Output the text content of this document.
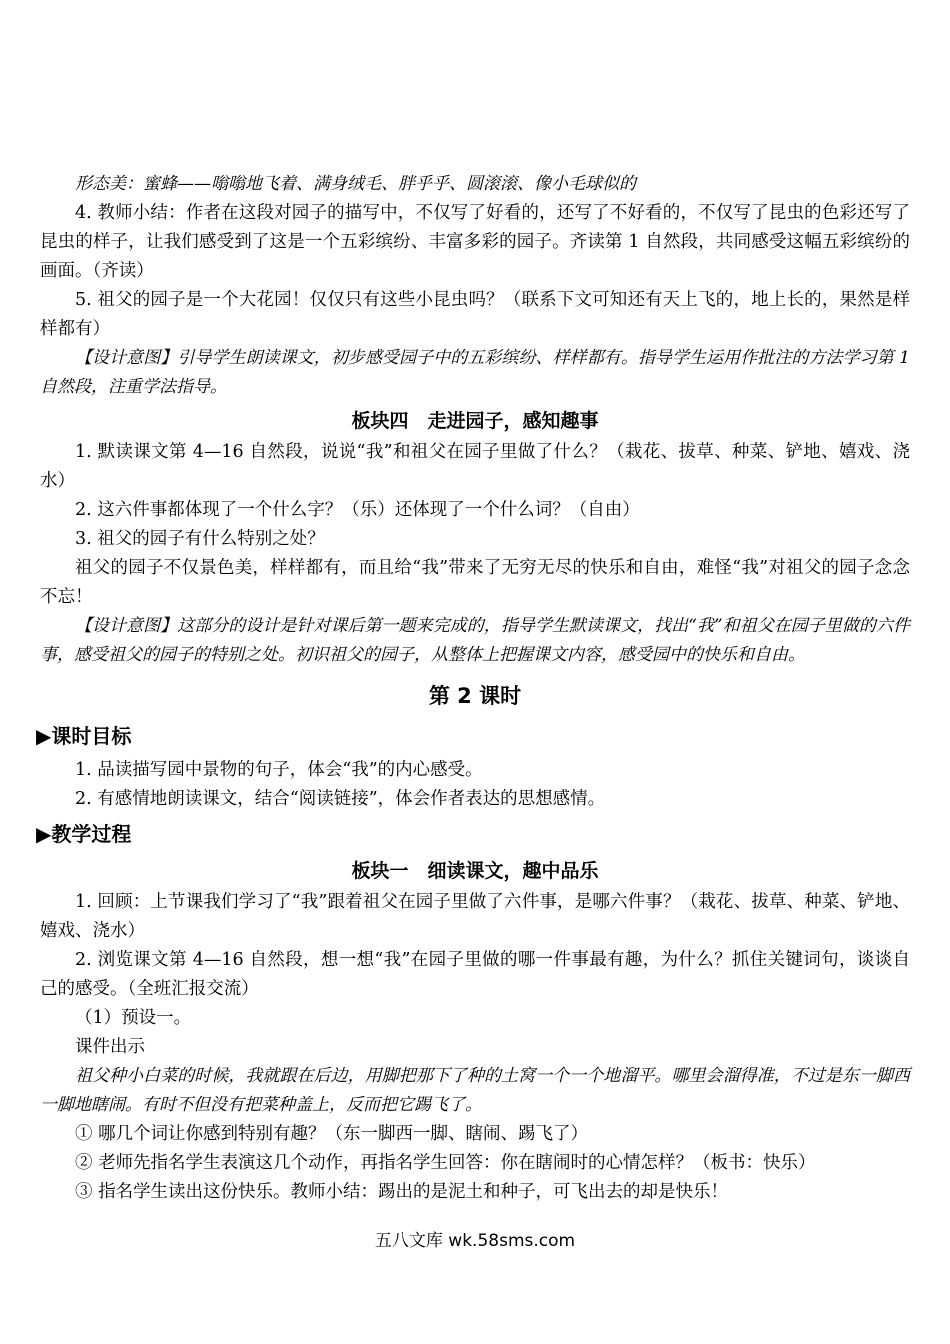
形态美：蜜蜂——嗡嗡地飞着、满身绒毛、胖乎乎、圆滚滚、像小毛球似的

4. 教师小结：作者在这段对园子的描写中，不仅写了好看的，还写了不好看的，不仅写了昆虫的色彩还写了昆虫的样子，让我们感受到了这是一个五彩缤纷、丰富多彩的园子。齐读第 1 自然段，共同感受这幅五彩缤纷的画面。（齐读）

5. 祖父的园子是一个大花园！仅仅只有这些小昆虫吗？（联系下文可知还有天上飞的，地上长的，果然是样样都有）

【设计意图】引导学生朗读课文，初步感受园子中的五彩缤纷、样样都有。指导学生运用作批注的方法学习第 1 自然段，注重学法指导。

板块四　走进园子，感知趣事

1. 默读课文第 4—16 自然段，说说“我”和祖父在园子里做了什么？（栽花、拔草、种菜、铲地、嬉戏、浇水）

2. 这六件事都体现了一个什么字？（乐）还体现了一个什么词？（自由）

3. 祖父的园子有什么特别之处？

祖父的园子不仅景色美，样样都有，而且给“我”带来了无穷无尽的快乐和自由，难怪“我”对祖父的园子念念不忘！

【设计意图】这部分的设计是针对课后第一题来完成的，指导学生默读课文，找出“我”和祖父在园子里做的六件事，感受祖父的园子的特别之处。初识祖父的园子，从整体上把握课文内容，感受园中的快乐和自由。

第 2 课时
▶课时目标

1. 品读描写园中景物的句子，体会“我”的内心感受。

2. 有感情地朗读课文，结合“阅读链接”，体会作者表达的思想感情。

▶教学过程
板块一　细读课文，趣中品乐

1. 回顾：上节课我们学习了“我”跟着祖父在园子里做了六件事，是哪六件事？（栽花、拔草、种菜、铲地、嬉戏、浇水）

2. 浏览课文第 4—16 自然段，想一想“我”在园子里做的哪一件事最有趣，为什么？抓住关键词句，谈谈自己的感受。（全班汇报交流）

（1）预设一。

课件出示

祖父种小白菜的时候，我就跟在后边，用脚把那下了种的土窝一个一个地溜平。哪里会溜得准，不过是东一脚西一脚地瞎闹。有时不但没有把菜种盖上，反而把它踢飞了。

① 哪几个词让你感到特别有趣？（东一脚西一脚、瞎闹、踢飞了）

② 老师先指名学生表演这几个动作，再指名学生回答：你在瞎闹时的心情怎样？（板书：快乐）

③ 指名学生读出这份快乐。教师小结：踢出的是泥土和种子，可飞出去的却是快乐！

五八文库 wk.58sms.com
